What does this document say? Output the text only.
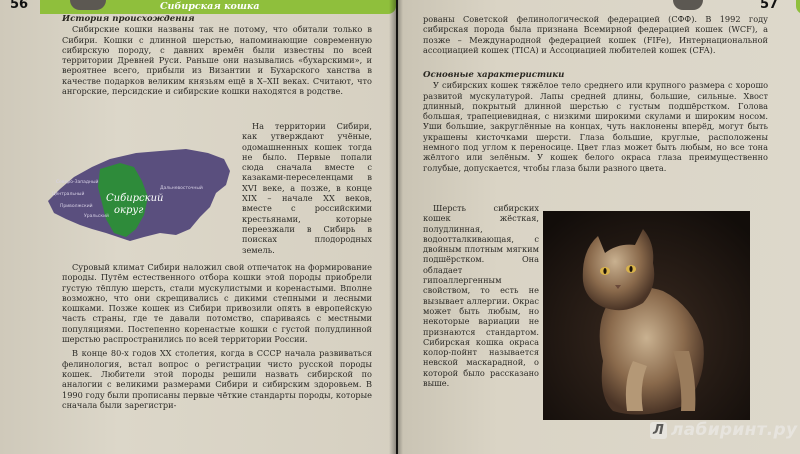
Сибирская кошка
История происхождения

Сибирские кошки названы так не потому, что обитали только в Сибири. Кошки с длинной шерстью, напоминающие современную сибирскую породу, с давних времён были известны по всей территории Древней Руси. Раньше они назывались «бухарскими», и вероятнее всего, прибыли из Византии и Бухарского ханства в качестве подарков великим князьям ещё в X–XII веках. Считают, что ангорские, персидские и сибирские кошки находятся в родстве.

На территории Сибири, как утверждают учёные, одомашненных кошек тогда не было. Первые попали сюда сначала вместе с казаками-переселенцами в XVI веке, а позже, в конце XIX – начале XX веков, вместе с российскими крестьянами, которые переезжали в Сибирь в поисках плодородных земель.

Северо-Западный
Центральный
Приволжский
Уральский
Дальневосточный
Сибирский
округ

Суровый климат Сибири наложил свой отпечаток на формирование породы. Путём естественного отбора кошки этой породы приобрели густую тёплую шерсть, стали мускулистыми и коренастыми. Вполне возможно, что они скрещивались с дикими степными и лесными кошками. Позже кошек из Сибири привозили опять в европейскую часть страны, где те давали потомство, спариваясь с местными популяциями. Постепенно коренастые кошки с густой полудлинной шерстью распространились по всей территории России.

В конце 80-х годов XX столетия, когда в СССР начала развиваться фелинология, встал вопрос о регистрации чисто русской породы кошек. Любители этой породы решили назвать сибирской по аналогии с великими размерами Сибири и сибирским здоровьем. В 1990 году были прописаны первые чёткие стандарты породы, которые сначала были зарегистри-

56

рованы Советской фелинологической федерацией (СФФ). В 1992 году сибирская порода была признана Всемирной федерацией кошек (WCF), а позже – Международной федерацией кошек (FIFe), Интернациональной ассоциацией кошек (TICA) и Ассоциацией любителей кошек (CFA).

Основные характеристики

У сибирских кошек тяжёлое тело среднего или крупного размера с хорошо развитой мускулатурой. Лапы средней длины, большие, сильные. Хвост длинный, покрытый длинной шерстью с густым подшёрстком. Голова большая, трапециевидная, с низкими широкими скулами и широким носом. Уши большие, закруглённые на концах, чуть наклонены вперёд, могут быть украшены кисточками шерсти. Глаза большие, круглые, расположены немного под углом к переносице. Цвет глаз может быть любым, но все тона жёлтого или зелёным. У кошек белого окраса глаза преимущественно голубые, допускается, чтобы глаза были разного цвета.

Шерсть сибирских кошек жёсткая, полудлинная, водоотталкивающая, с двойным плотным мягким подшёрстком. Она обладает гипоаллергенным свойством, то есть не вызывает аллергии. Окрас может быть любым, но некоторые вариации не признаются стандартом. Сибирская кошка окраса колор-пойнт называется невской маскарадной, о которой было рассказано выше.

57
Л лабиринт.ру
